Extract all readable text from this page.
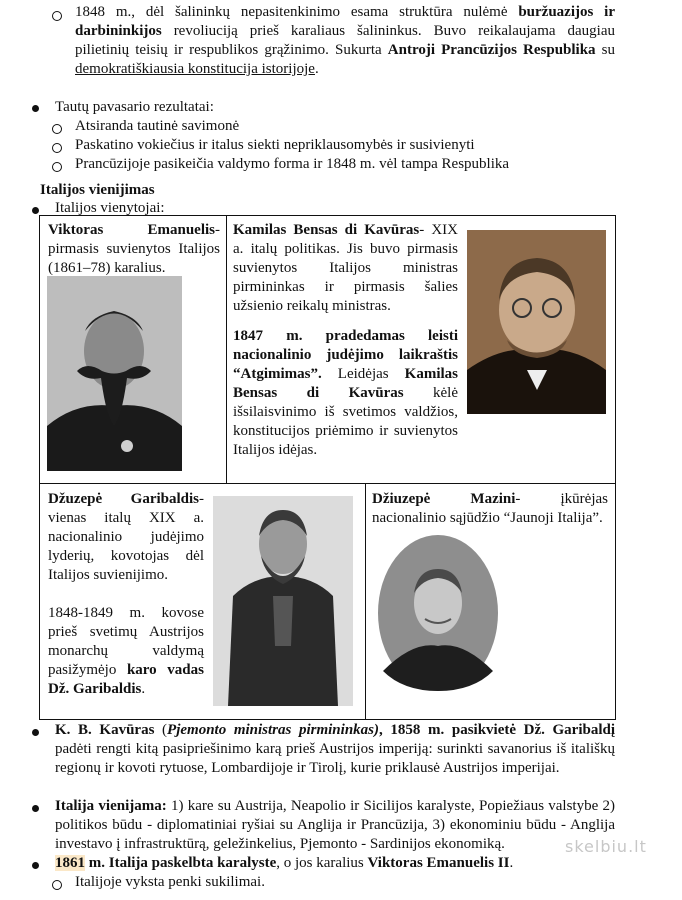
1848 m., dėl šalininkų nepasitenkinimo esama struktūra nulėmė buržuazijos ir darbininkijos revoliuciją prieš karaliaus šalininkus. Buvo reikalaujama daugiau pilietinių teisių ir respublikos grąžinimo. Sukurta Antroji Prancūzijos Respublika su demokratiškiausia konstitucija istorijoje.
Tautų pavasario rezultatai:
Atsiranda tautinė savimonė
Paskatino vokiečius ir italus siekti nepriklausomybės ir susivienyti
Prancūzijoje pasikeičia valdymo forma ir 1848 m. vėl tampa Respublika
Italijos vienijimas
Italijos vienytojai:
Viktoras Emanuelis- pirmasis suvienytos Italijos (1861–78) karalius.
Kamilas Bensas di Kavūras- XIX a. italų politikas. Jis buvo pirmasis suvienytos Italijos ministras pirmininkas ir pirmasis šalies užsienio reikalų ministras.
1847 m. pradedamas leisti nacionalinio judėjimo laikraštis “Atgimimas”. Leidėjas Kamilas Bensas di Kavūras kėlė išsilaisvinimo iš svetimos valdžios, konstitucijos priėmimo ir suvienytos Italijos idėjas.
Džuzepė Garibaldis- vienas italų XIX a. nacionalinio judėjimo lyderių, kovotojas dėl Italijos suvienijimo.
1848-1849 m. kovose prieš svetimų Austrijos monarchų valdymą pasižymėjo karo vadas Dž. Garibaldis.
Džiuzepė Mazini- įkūrėjas nacionalinio sąjūdžio “Jaunoji Italija”.
K. B. Kavūras (Pjemonto ministras pirmininkas), 1858 m. pasikvietė Dž. Garibaldį padėti rengti kitą pasipriešinimo karą prieš Austrijos imperiją: surinkti savanorius iš itališkų regionų ir kovoti rytuose, Lombardijoje ir Tirolį, kurie priklausė Austrijos imperijai.
Italija vienijama: 1) kare su Austrija, Neapolio ir Sicilijos karalyste, Popiežiaus valstybe 2) politikos būdu - diplomatiniai ryšiai su Anglija ir Prancūzija, 3) ekonominiu būdu - Anglija investavo į infrastruktūrą, geležinkelius, Pjemonto - Sardinijos ekonomiką.
1861 m. Italija paskelbta karalyste, o jos karalius Viktoras Emanuelis II.
Italijoje vyksta penki sukilimai.
skelbiu.lt
